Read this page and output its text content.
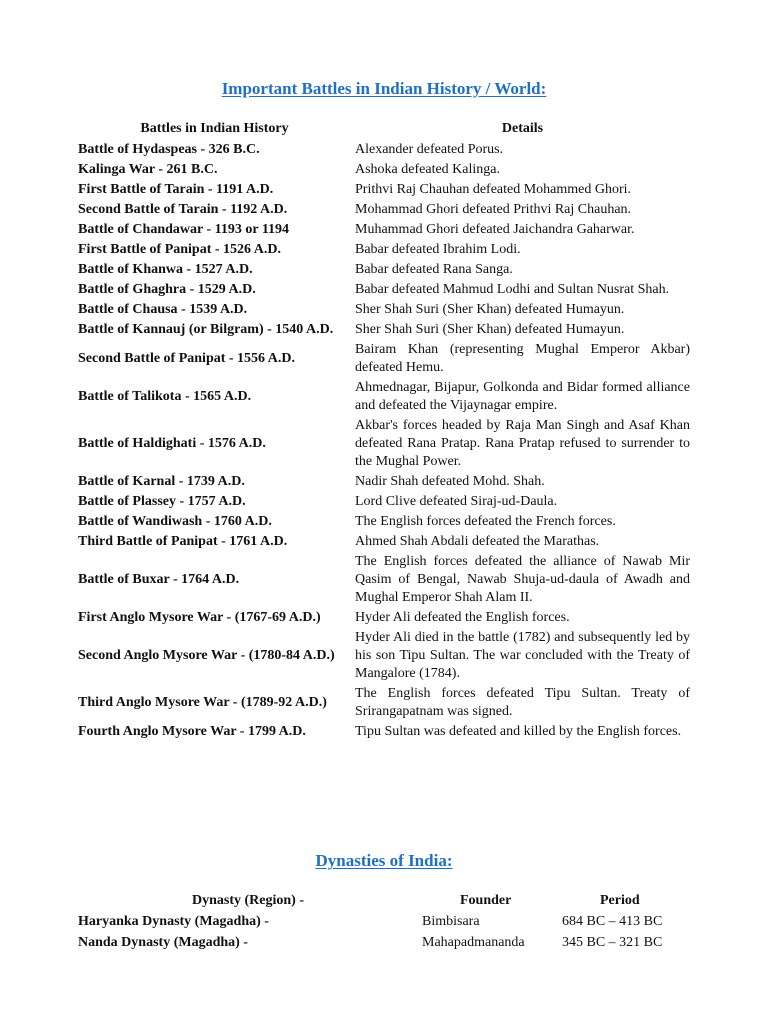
Important Battles in Indian History / World:
Battles in Indian History	Details
Battle of Hydaspeas - 326 B.C.	Alexander defeated Porus.
Kalinga War - 261 B.C.	Ashoka defeated Kalinga.
First Battle of Tarain - 1191 A.D.	Prithvi Raj Chauhan defeated Mohammed Ghori.
Second Battle of Tarain - 1192 A.D.	Mohammad Ghori defeated Prithvi Raj Chauhan.
Battle of Chandawar - 1193 or 1194	Muhammad Ghori defeated Jaichandra Gaharwar.
First Battle of Panipat - 1526 A.D.	Babar defeated Ibrahim Lodi.
Battle of Khanwa - 1527 A.D.	Babar defeated Rana Sanga.
Battle of Ghaghra - 1529 A.D.	Babar defeated Mahmud Lodhi and Sultan Nusrat Shah.
Battle of Chausa - 1539 A.D.	Sher Shah Suri (Sher Khan) defeated Humayun.
Battle of Kannauj (or Bilgram) - 1540 A.D.	Sher Shah Suri (Sher Khan) defeated Humayun.
Second Battle of Panipat - 1556 A.D.	Bairam Khan (representing Mughal Emperor Akbar) defeated Hemu.
Battle of Talikota - 1565 A.D.	Ahmednagar, Bijapur, Golkonda and Bidar formed alliance and defeated the Vijaynagar empire.
Battle of Haldighati - 1576 A.D.	Akbar's forces headed by Raja Man Singh and Asaf Khan defeated Rana Pratap. Rana Pratap refused to surrender to the Mughal Power.
Battle of Karnal - 1739 A.D.	Nadir Shah defeated Mohd. Shah.
Battle of Plassey - 1757 A.D.	Lord Clive defeated Siraj-ud-Daula.
Battle of Wandiwash - 1760 A.D.	The English forces defeated the French forces.
Third Battle of Panipat - 1761 A.D.	Ahmed Shah Abdali defeated the Marathas.
Battle of Buxar - 1764 A.D.	The English forces defeated the alliance of Nawab Mir Qasim of Bengal, Nawab Shuja-ud-daula of Awadh and Mughal Emperor Shah Alam II.
First Anglo Mysore War - (1767-69 A.D.)	Hyder Ali defeated the English forces.
Second Anglo Mysore War - (1780-84 A.D.)	Hyder Ali died in the battle (1782) and subsequently led by his son Tipu Sultan. The war concluded with the Treaty of Mangalore (1784).
Third Anglo Mysore War - (1789-92 A.D.)	The English forces defeated Tipu Sultan. Treaty of Srirangapatnam was signed.
Fourth Anglo Mysore War - 1799 A.D.	Tipu Sultan was defeated and killed by the English forces.
Dynasties of India:
Dynasty (Region) -	Founder	Period
Haryanka Dynasty (Magadha) -	Bimbisara	684 BC – 413 BC
Nanda Dynasty (Magadha) -	Mahapadmananda	345 BC – 321 BC
